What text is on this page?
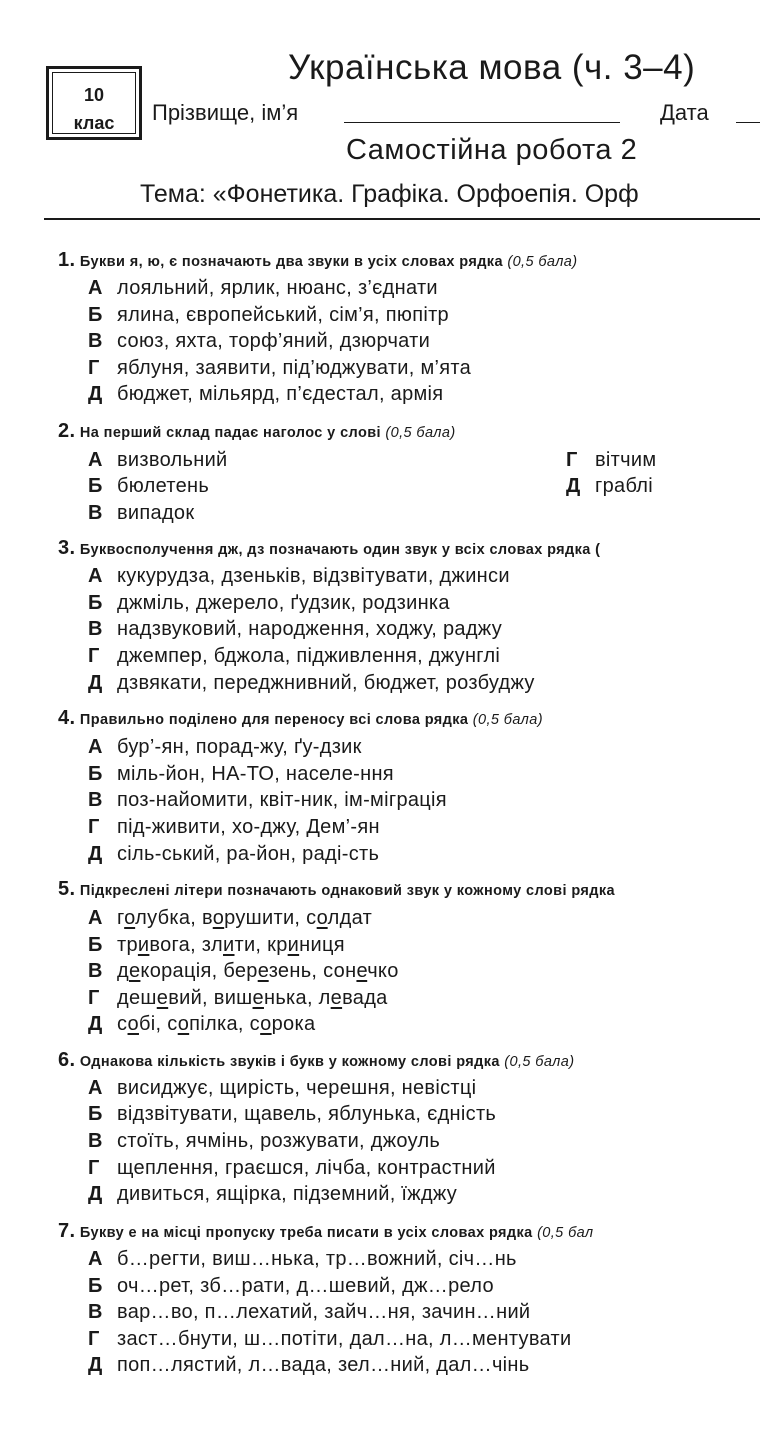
10
клас
Українська мова (ч. 3–4)
Прізвище, ім’я	Дата
Самостійна робота 2
Тема: «Фонетика. Графіка. Орфоепія. Орф
1. Букви я, ю, є позначають два звуки в усіх словах рядка (0,5 бала)
А лояльний, ярлик, нюанс, з’єднати
Б ялина, європейський, сім’я, пюпітр
В союз, яхта, торф’яний, дзюрчати
Г яблуня, заявити, під’юджувати, м’ята
Д бюджет, мільярд, п’єдестал, армія
2. На перший склад падає наголос у слові (0,5 бала)
А визвольний
Б бюлетень
В випадок
Г вітчим
Д граблі
3. Буквосполучення дж, дз позначають один звук у всіх словах рядка (
А кукурудза, дзеньків, відзвітувати, джинси
Б джміль, джерело, ґудзик, родзинка
В надзвуковий, народження, ходжу, раджу
Г джемпер, бджола, підживлення, джунглі
Д дзвякати, переджнивний, бюджет, розбуджу
4. Правильно поділено для переносу всі слова рядка (0,5 бала)
А бур’-ян, порад-жу, ґу-дзик
Б міль-йон, НА-ТО, населе-ння
В поз-найомити, квіт-ник, ім-міграція
Г під-живити, хо-джу, Дем’-ян
Д сіль-ський, ра-йон, раді-сть
5. Підкреслені літери позначають однаковий звук у кожному слові рядка
А голубка, ворушити, солдат
Б тривога, злити, криниця
В декорація, березень, сонечко
Г дешевий, вишенька, левада
Д собі, сопілка, сорока
6. Однакова кількість звуків і букв у кожному слові рядка (0,5 бала)
А висиджує, щирість, черешня, невістці
Б відзвітувати, щавель, яблунька, єдність
В стоїть, ячмінь, розжувати, джоуль
Г щеплення, граєшся, лічба, контрастний
Д дивиться, ящірка, підземний, їжджу
7. Букву е на місці пропуску треба писати в усіх словах рядка (0,5 бал
А б…регти, виш…нька, тр…вожний, січ…нь
Б оч…рет, зб…рати, д…шевий, дж…рело
В вар…во, п…лехатий, зайч…ня, зачин…ний
Г заст…бнути, ш…потіти, дал…на, л…ментувати
Д поп…лястий, л…вада, зел…ний, дал…чінь
